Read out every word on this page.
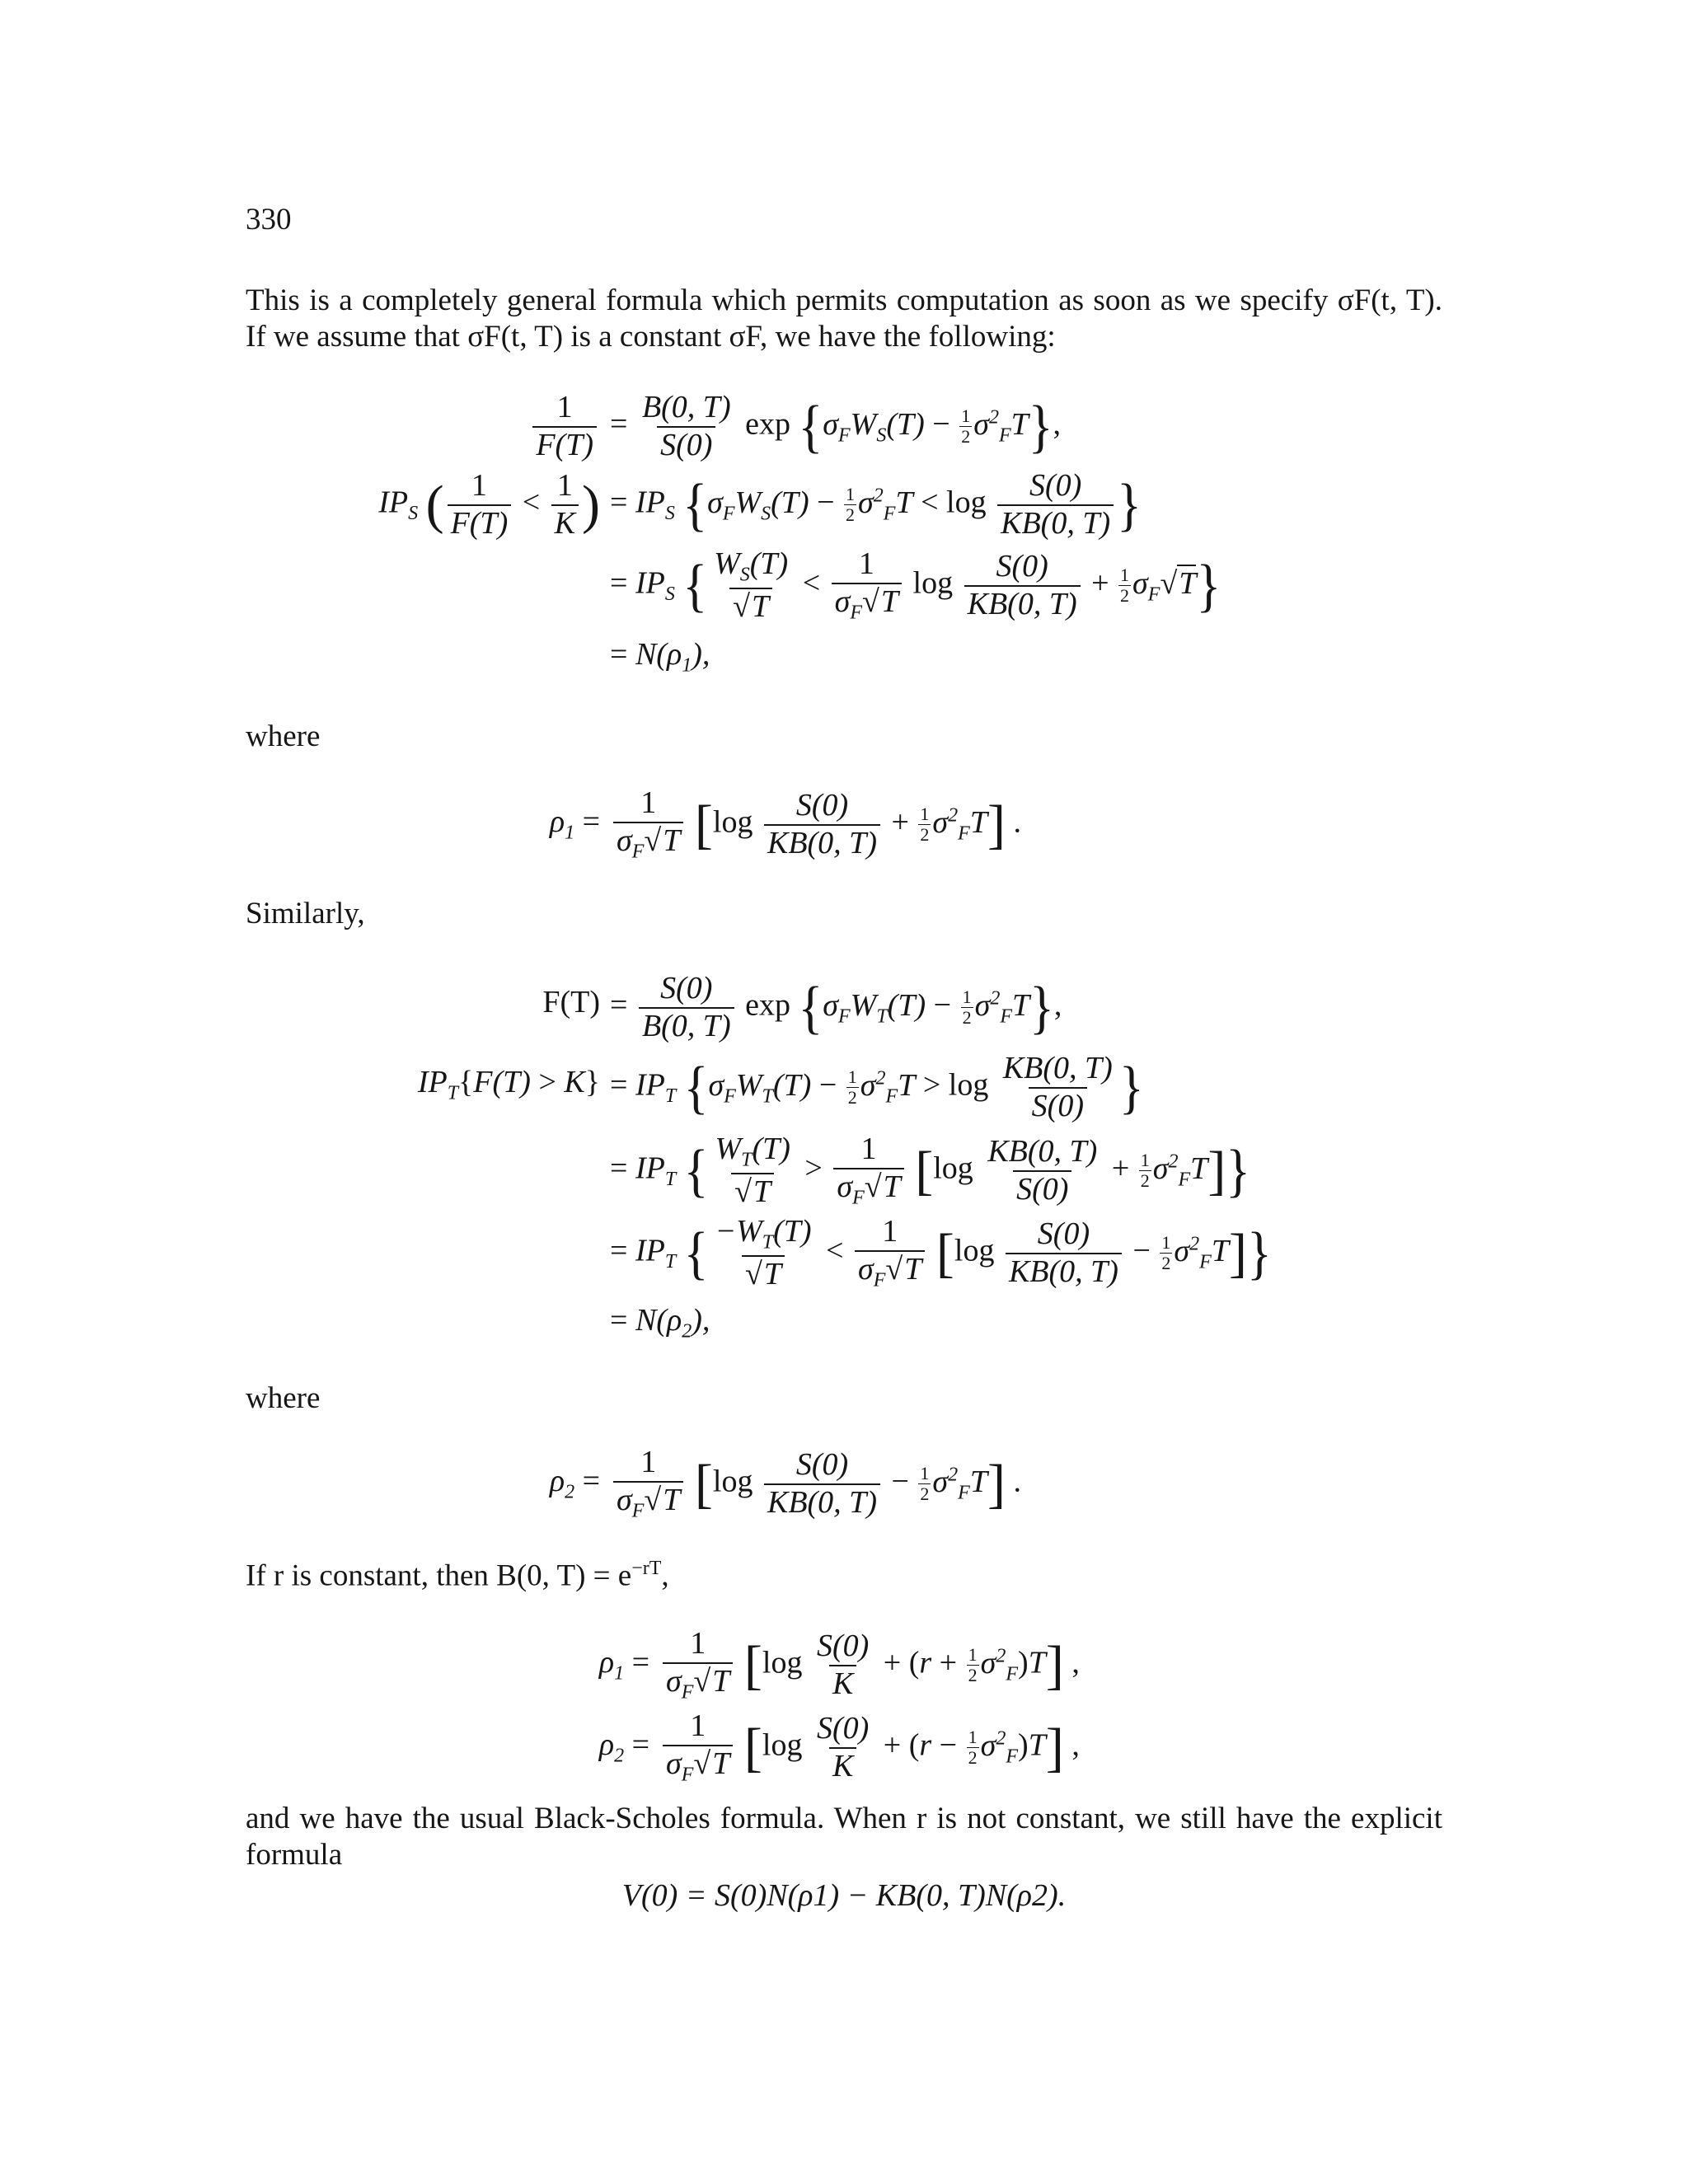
330
This is a completely general formula which permits computation as soon as we specify σF(t, T). If we assume that σF(t, T) is a constant σF, we have the following:
$\frac{1}{F(T)} = \frac{B(0, T)}{S(0)}$ $\exp \{\sigma_FW_S(T) - \frac{1}{2} \sigma^2_FT\}$,
$IP_S$ ( $\frac{1}{F(T)} < \frac{1}{K}$ ) = $IP_S$ {$\sigma_FW_S(T) - \frac{1}{2} \sigma^2_FT < \log \frac{S(0)}{KB(0, T)}$ }
= $IP_S$ { $\frac{W_S(T)}{√T} < \frac{1}{\sigma_F√T}$ $\log \frac{S(0)}{KB(0, T)} + \frac{1}{2} \sigma_F√T$}
= $N(\rho_1)$,
where
$\rho_1 = \frac{1}{\sigma_F√T} [\log \frac{S(0)}{KB(0, T)} + \frac{1}{2} \sigma^2_FT]$ .
Similarly,
$F(T) = \frac{S(0)}{B(0, T)}$ $\exp \{\sigma_FW_T(T) - \frac{1}{2} \sigma^2_FT\}$,
$IP_T\{F(T) > K\} = IP_T$ {$\sigma_FW_T(T) - \frac{1}{2} \sigma^2_FT > \log \frac{KB(0, T)}{S(0)}$ }
= $IP_T$ { $\frac{W_T(T)}{√T} > \frac{1}{\sigma_F√T} [\log \frac{KB(0, T)}{S(0)} + \frac{1}{2} \sigma^2_FT]$}
= $IP_T$ { $\frac{-W_T(T)}{√T} < \frac{1}{\sigma_F√T} [\log \frac{S(0)}{KB(0, T)} - \frac{1}{2} \sigma^2_FT]$}
= $N(\rho_2)$,
where
$\rho_2 = \frac{1}{\sigma_F√T} [\log \frac{S(0)}{KB(0, T)} - \frac{1}{2} \sigma^2_FT]$ .
If r is constant, then B(0, $T) = e^{-rT}$,
$\rho_1 = \frac{1}{\sigma_F√T} [\log \frac{S(0)}{K} + (r + \frac{1}{2} \sigma^2_F)T]$ ,
$\rho_2 = \frac{1}{\sigma_F√T} [\log \frac{S(0)}{K} + (r - \frac{1}{2} \sigma^2_F)T]$ ,
and we have the usual Black-Scholes formula. When r is not constant, we still have the explicit formula
V(0) = S(0)N(ρ1) − KB(0, T)N(ρ2).
